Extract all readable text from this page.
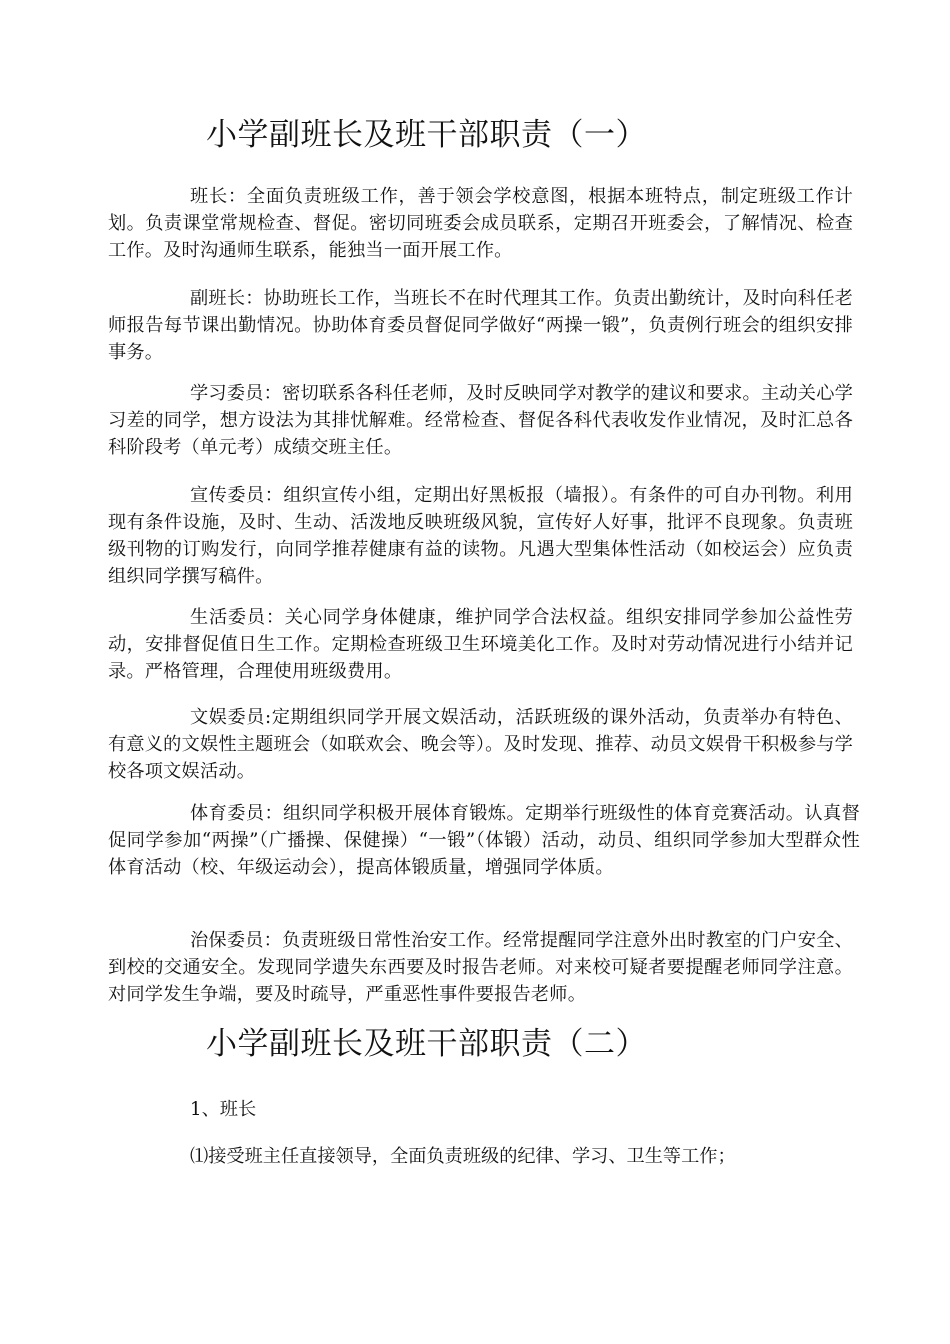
小学副班长及班干部职责（一）
班长：全面负责班级工作，善于领会学校意图，根据本班特点，制定班级工作计划。负责课堂常规检查、督促。密切同班委会成员联系，定期召开班委会，了解情况、检查工作。及时沟通师生联系，能独当一面开展工作。
副班长：协助班长工作，当班长不在时代理其工作。负责出勤统计，及时向科任老师报告每节课出勤情况。协助体育委员督促同学做好“两操一锻”，负责例行班会的组织安排事务。
学习委员：密切联系各科任老师，及时反映同学对教学的建议和要求。主动关心学习差的同学，想方设法为其排忧解难。经常检查、督促各科代表收发作业情况，及时汇总各科阶段考（单元考）成绩交班主任。
宣传委员：组织宣传小组，定期出好黑板报（墙报）。有条件的可自办刊物。利用现有条件设施，及时、生动、活泼地反映班级风貌，宣传好人好事，批评不良现象。负责班级刊物的订购发行，向同学推荐健康有益的读物。凡遇大型集体性活动（如校运会）应负责组织同学撰写稿件。
生活委员：关心同学身体健康，维护同学合法权益。组织安排同学参加公益性劳动，安排督促值日生工作。定期检查班级卫生环境美化工作。及时对劳动情况进行小结并记录。严格管理，合理使用班级费用。
文娱委员:定期组织同学开展文娱活动，活跃班级的课外活动，负责举办有特色、有意义的文娱性主题班会（如联欢会、晚会等）。及时发现、推荐、动员文娱骨干积极参与学校各项文娱活动。
体育委员：组织同学积极开展体育锻炼。定期举行班级性的体育竞赛活动。认真督促同学参加“两操”（广播操、保健操）“一锻”（体锻）活动，动员、组织同学参加大型群众性体育活动（校、年级运动会），提高体锻质量，增强同学体质。
治保委员：负责班级日常性治安工作。经常提醒同学注意外出时教室的门户安全、到校的交通安全。发现同学遗失东西要及时报告老师。对来校可疑者要提醒老师同学注意。对同学发生争端，要及时疏导，严重恶性事件要报告老师。
小学副班长及班干部职责（二）
1、班长
⑴接受班主任直接领导，全面负责班级的纪律、学习、卫生等工作；
